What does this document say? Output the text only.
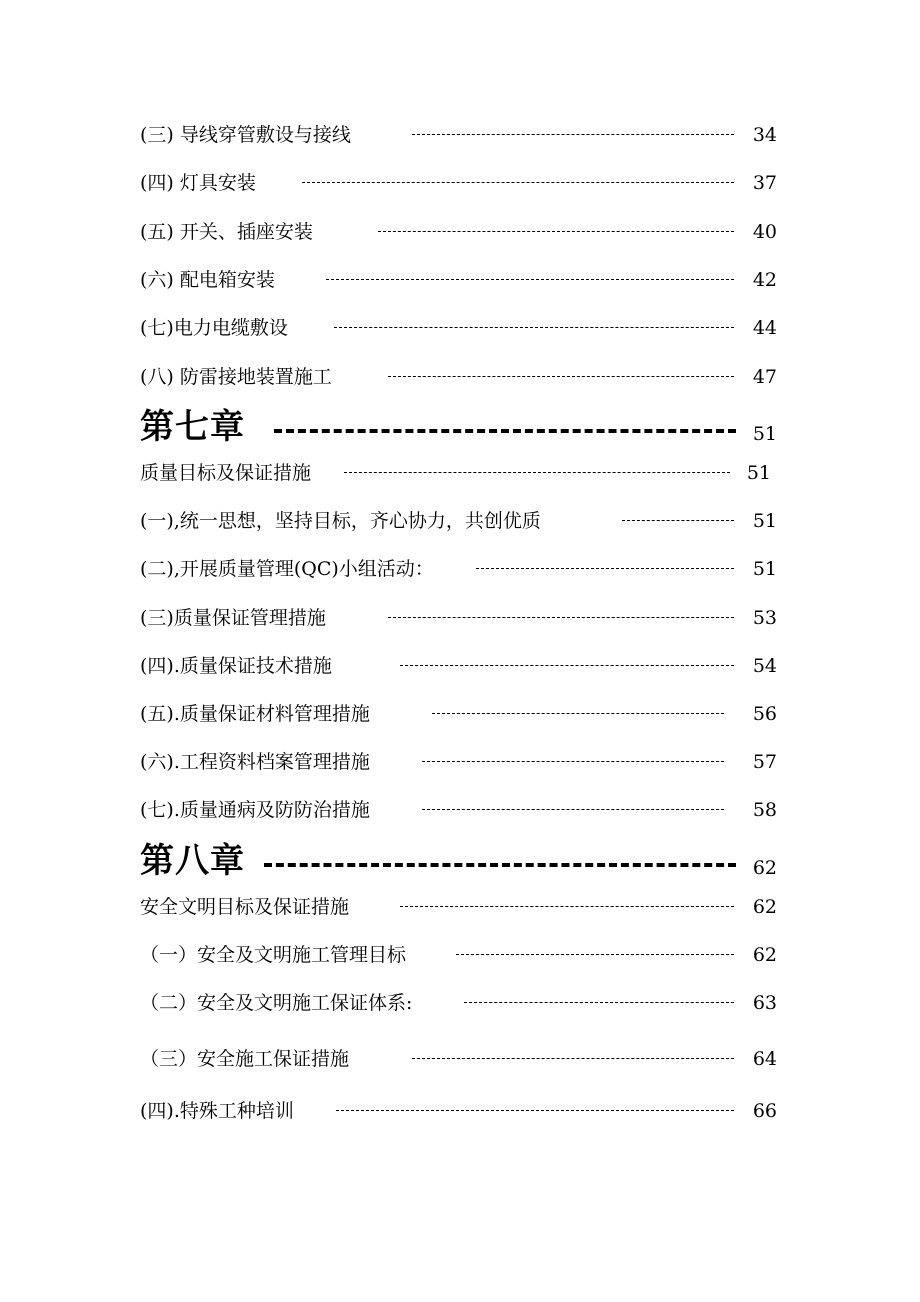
(三) 导线穿管敷设与接线	34
(四) 灯具安装	37
(五) 开关、插座安装	40
(六) 配电箱安装	42
(七)电力电缆敷设	44
(八) 防雷接地装置施工	47
第七章	51
质量目标及保证措施	51
(一),统一思想，坚持目标，齐心协力，共创优质	51
(二),开展质量管理(QC)小组活动：	51
(三)质量保证管理措施	53
(四).质量保证技术措施	54
(五).质量保证材料管理措施	56
(六).工程资料档案管理措施	57
(七).质量通病及防防治措施	58
第八章	62
安全文明目标及保证措施	62
（一）安全及文明施工管理目标	62
（二）安全及文明施工保证体系:	63
（三）安全施工保证措施	64
(四).特殊工种培训	66
